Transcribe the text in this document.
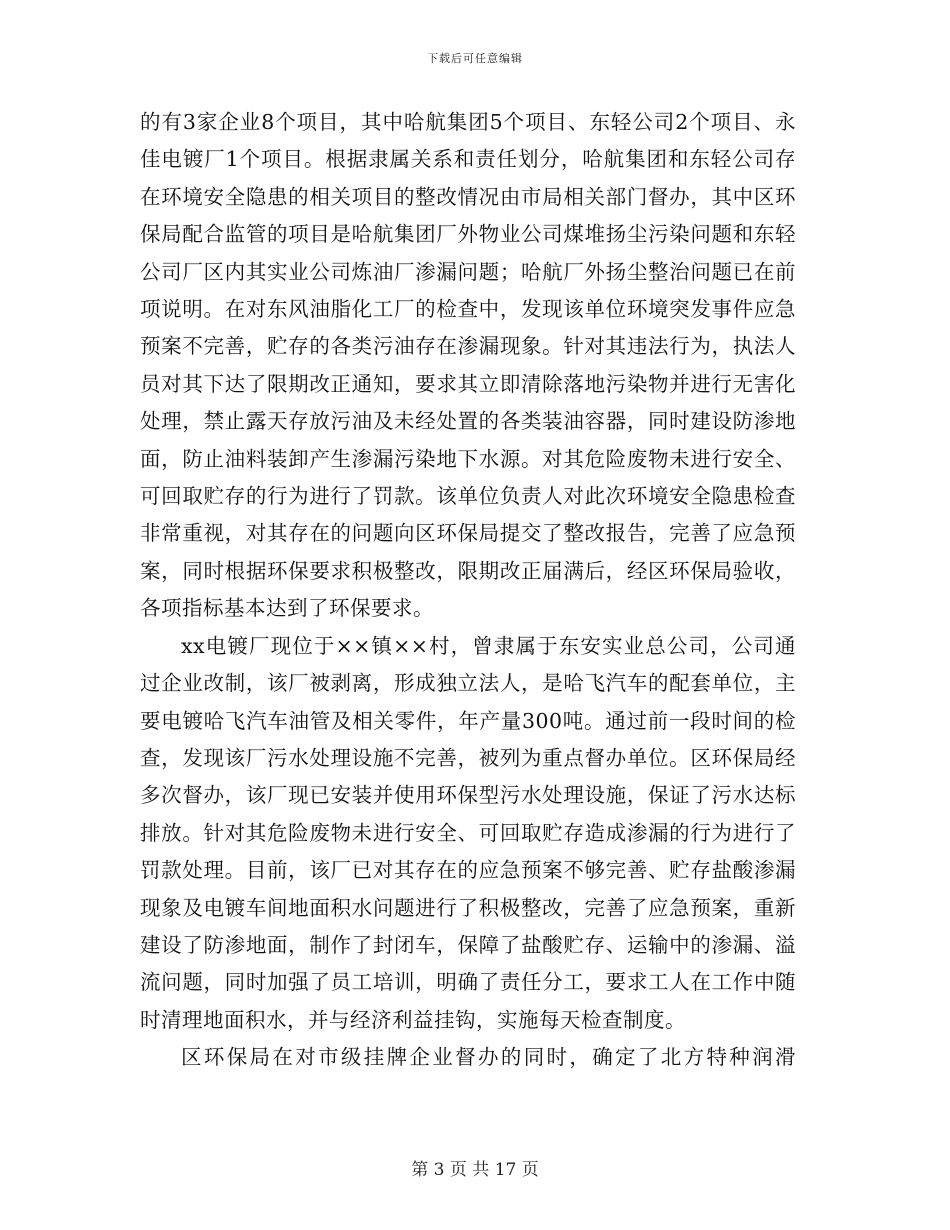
下载后可任意编辑

的有3家企业8个项目，其中哈航集团5个项目、东轻公司2个项目、永佳电镀厂1个项目。根据隶属关系和责任划分，哈航集团和东轻公司存在环境安全隐患的相关项目的整改情况由市局相关部门督办，其中区环保局配合监管的项目是哈航集团厂外物业公司煤堆扬尘污染问题和东轻公司厂区内其实业公司炼油厂渗漏问题；哈航厂外扬尘整治问题已在前项说明。在对东风油脂化工厂的检查中，发现该单位环境突发事件应急预案不完善，贮存的各类污油存在渗漏现象。针对其违法行为，执法人员对其下达了限期改正通知，要求其立即清除落地污染物并进行无害化处理，禁止露天存放污油及未经处置的各类装油容器，同时建设防渗地面，防止油料装卸产生渗漏污染地下水源。对其危险废物未进行安全、可回取贮存的行为进行了罚款。该单位负责人对此次环境安全隐患检查非常重视，对其存在的问题向区环保局提交了整改报告，完善了应急预案，同时根据环保要求积极整改，限期改正届满后，经区环保局验收，各项指标基本达到了环保要求。

xx电镀厂现位于××镇××村，曾隶属于东安实业总公司，公司通过企业改制，该厂被剥离，形成独立法人，是哈飞汽车的配套单位，主要电镀哈飞汽车油管及相关零件，年产量300吨。通过前一段时间的检查，发现该厂污水处理设施不完善，被列为重点督办单位。区环保局经多次督办，该厂现已安装并使用环保型污水处理设施，保证了污水达标排放。针对其危险废物未进行安全、可回取贮存造成渗漏的行为进行了罚款处理。目前，该厂已对其存在的应急预案不够完善、贮存盐酸渗漏现象及电镀车间地面积水问题进行了积极整改，完善了应急预案，重新建设了防渗地面，制作了封闭车，保障了盐酸贮存、运输中的渗漏、溢流问题，同时加强了员工培训，明确了责任分工，要求工人在工作中随时清理地面积水，并与经济利益挂钩，实施每天检查制度。

区环保局在对市级挂牌企业督办的同时，确定了北方特种润滑

第 3 页 共 17 页
